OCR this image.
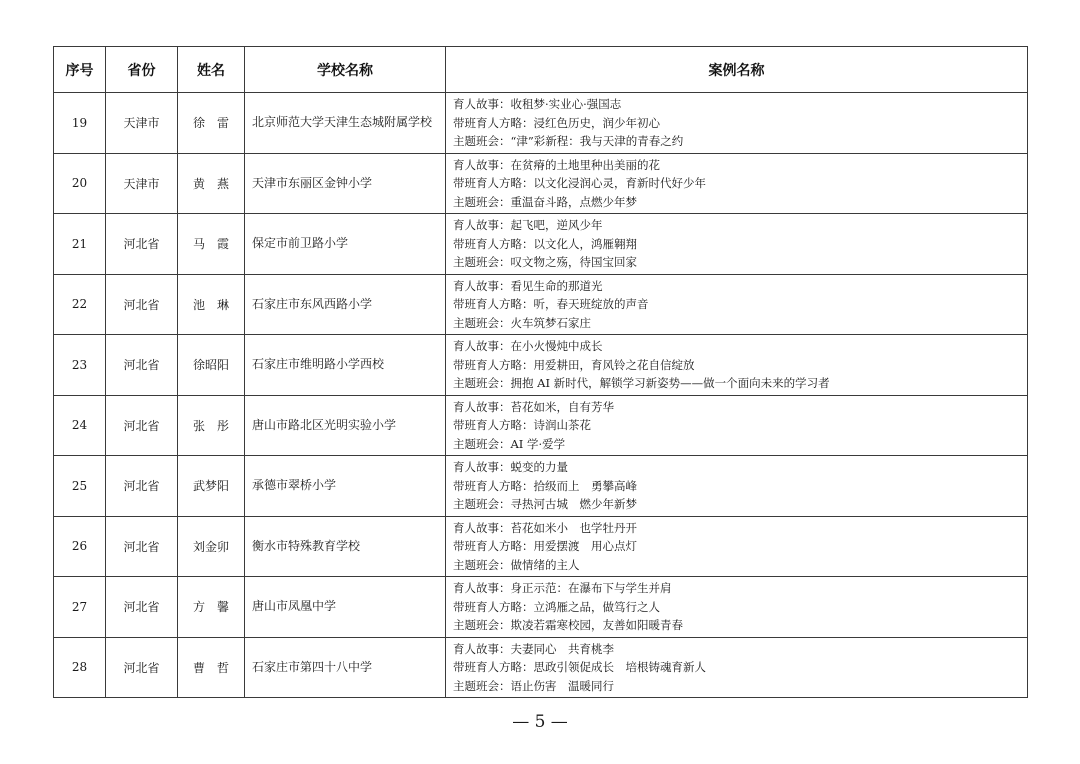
序号	省份	姓名	学校名称	案例名称
19	天津市	徐　雷	北京师范大学天津生态城附属学校	育人故事：收租梦·实业心·强国志
带班育人方略：浸红色历史，润少年初心
主题班会：“津”彩新程：我与天津的青春之约

20	天津市	黄　燕	天津市东丽区金钟小学	育人故事：在贫瘠的土地里种出美丽的花
带班育人方略：以文化浸润心灵，育新时代好少年
主题班会：重温奋斗路，点燃少年梦

21	河北省	马　霞	保定市前卫路小学	育人故事：起飞吧，逆风少年
带班育人方略：以文化人，鸿雁翱翔
主题班会：叹文物之殇，待国宝回家

22	河北省	池　琳	石家庄市东风西路小学	育人故事：看见生命的那道光
带班育人方略：听，春天班绽放的声音
主题班会：火车筑梦石家庄

23	河北省	徐昭阳	石家庄市维明路小学西校	育人故事：在小火慢炖中成长
带班育人方略：用爱耕田，育风铃之花自信绽放
主题班会：拥抱 AI 新时代，解锁学习新姿势——做一个面向未来的学习者

24	河北省	张　彤	唐山市路北区光明实验小学	育人故事：苔花如米，自有芳华
带班育人方略：诗润山茶花
主题班会：AI 学·爱学

25	河北省	武梦阳	承德市翠桥小学	育人故事：蜕变的力量
带班育人方略：拾级而上　勇攀高峰
主题班会：寻热河古城　燃少年新梦

26	河北省	刘金卯	衡水市特殊教育学校	育人故事：苔花如米小　也学牡丹开
带班育人方略：用爱摆渡　用心点灯
主题班会：做情绪的主人

27	河北省	方　馨	唐山市凤凰中学	育人故事：身正示范：在瀑布下与学生并肩
带班育人方略：立鸿雁之品，做笃行之人
主题班会：欺凌若霜寒校园，友善如阳暖青春

28	河北省	曹　哲	石家庄市第四十八中学	育人故事：夫妻同心　共育桃李
带班育人方略：思政引领促成长　培根铸魂育新人
主题班会：语止伤害　温暖同行
— 5 —
